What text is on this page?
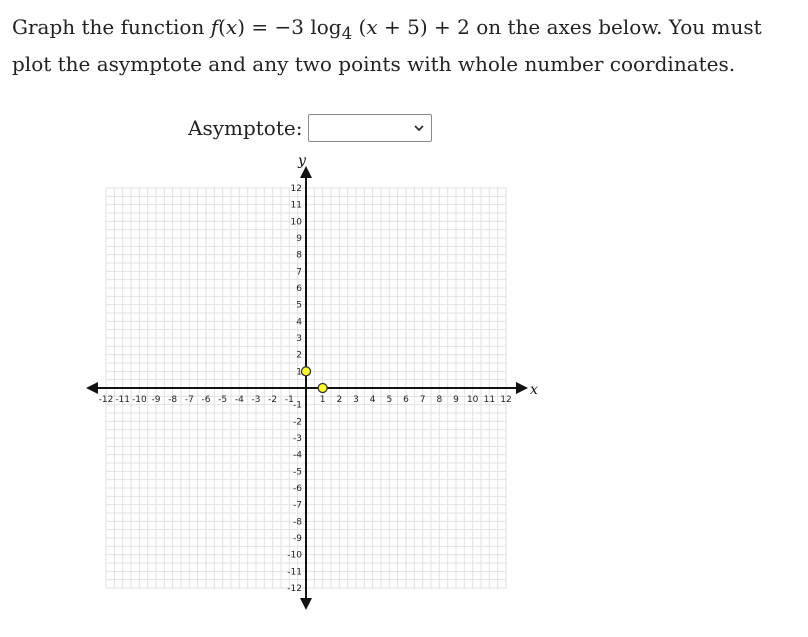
Graph the function f(x) = −3 $\log_4 (x + 5) + 2$ on the axes below. You must plot the asymptote and any two points with whole number coordinates.

Asymptote:
x
y
-12 -11 -10 -9 -8 -7 -6 -5 -4 -3 -2 -1	1 2 3 4 5 6 7 8 9 10 11 12
12
11
10
9
8
7
6
5
4
3
2
1
-1
-2
-3
-4
-5
-6
-7
-8
-9
-10
-11
-12
